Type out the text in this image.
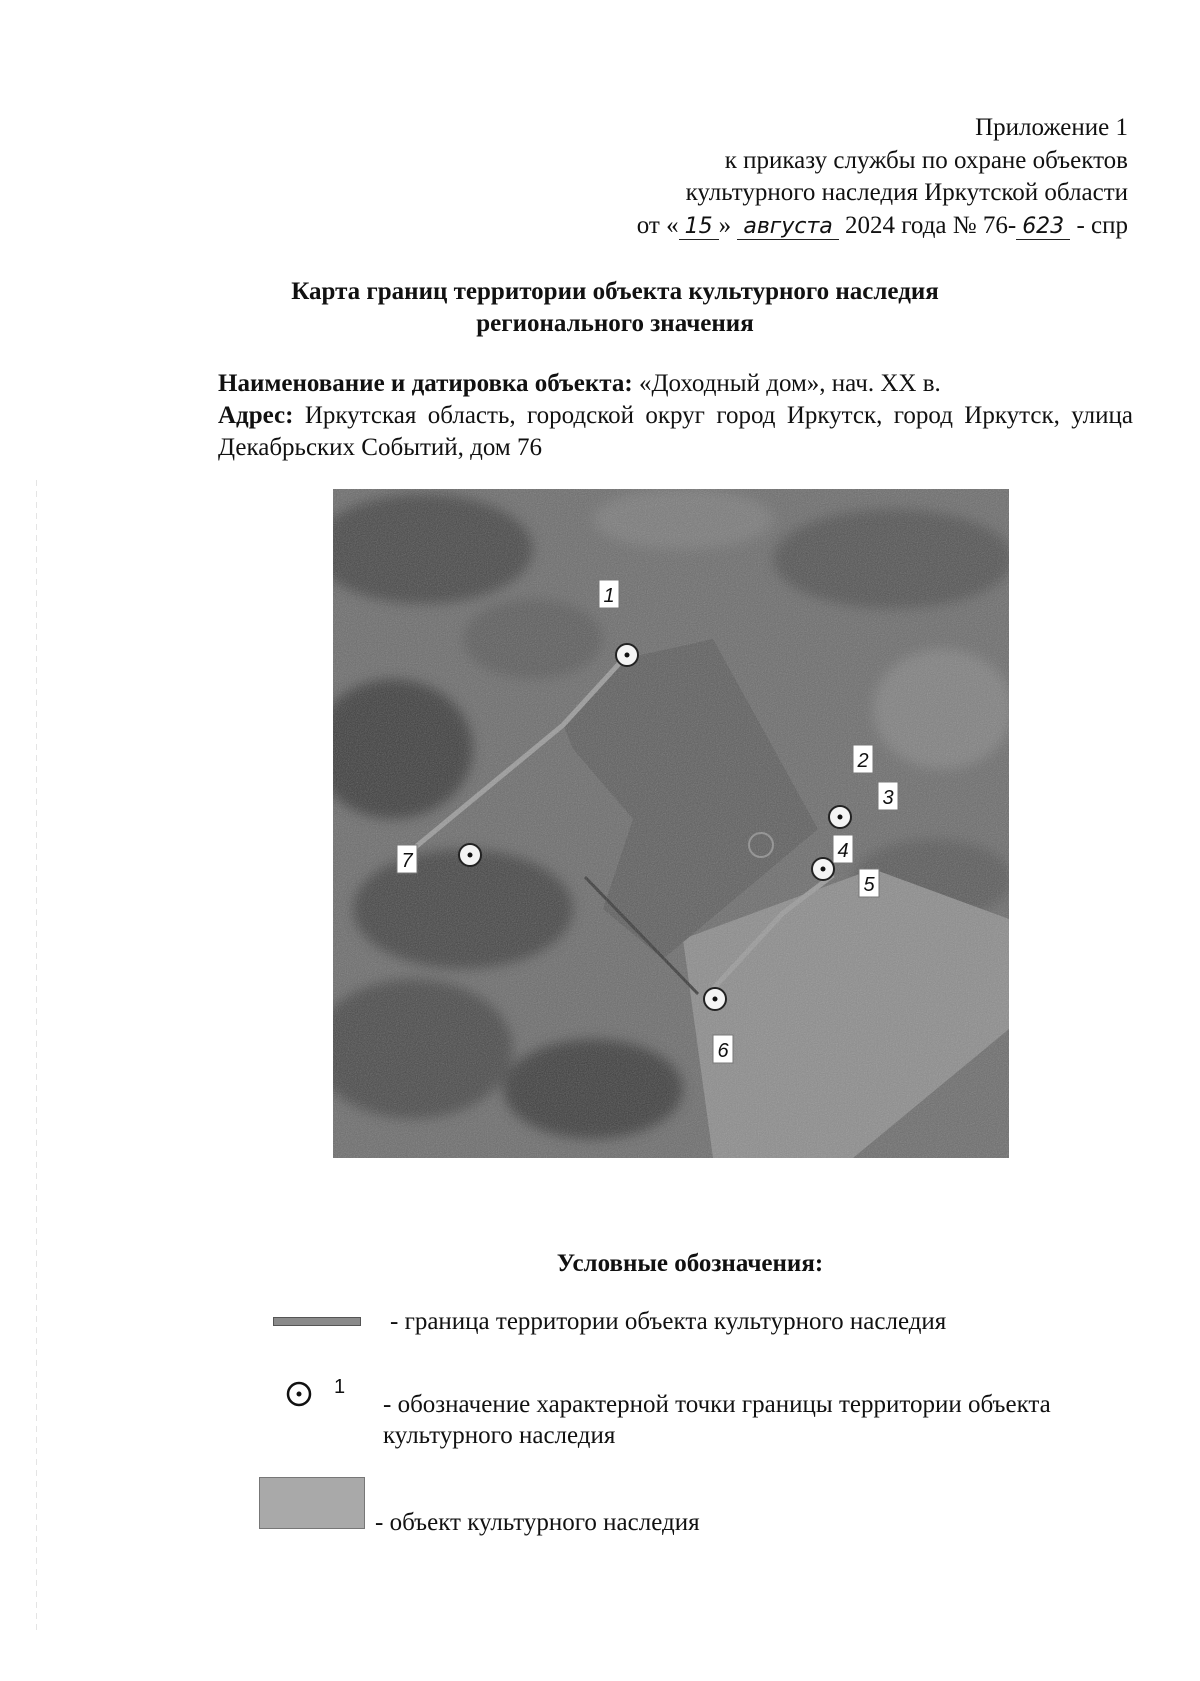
Приложение 1
к приказу службы по охране объектов
культурного наследия Иркутской области
от « 15 » августа 2024 года № 76- 623 - спр
Карта границ территории объекта культурного наследия
регионального значения
Наименование и датировка объекта: «Доходный дом», нач. XX в.
Адрес: Иркутская область, городской округ город Иркутск, город Иркутск, улица Декабрьских Событий, дом 76
1
2
3
4
5
6
7
Условные обозначения:
- граница территории объекта культурного наследия
1
- обозначение характерной точки границы территории объекта культурного наследия
- объект культурного наследия
